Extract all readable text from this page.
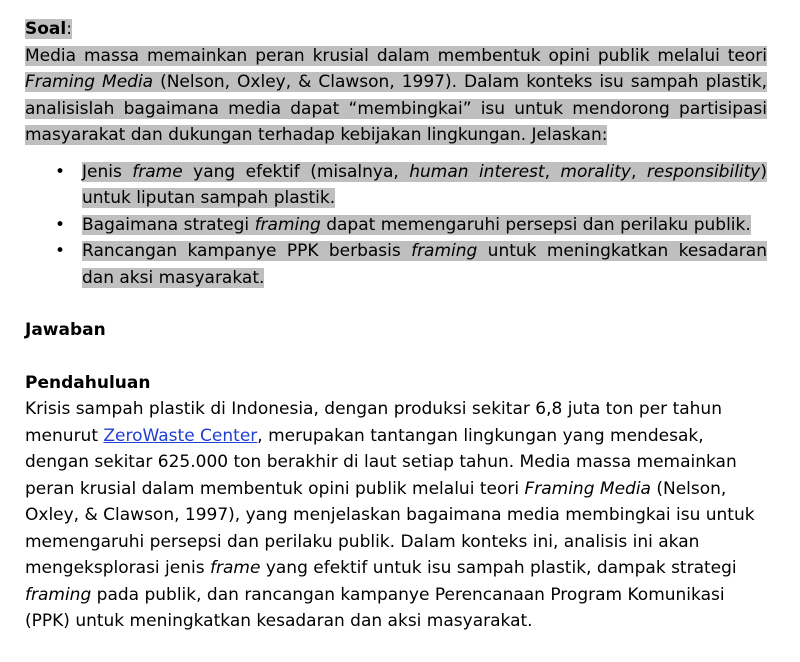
Soal:
Media massa memainkan peran krusial dalam membentuk opini publik melalui teori Framing Media (Nelson, Oxley, & Clawson, 1997). Dalam konteks isu sampah plastik, analisislah bagaimana media dapat “membingkai” isu untuk mendorong partisipasi masyarakat dan dukungan terhadap kebijakan lingkungan. Jelaskan:

• Jenis frame yang efektif (misalnya, human interest, morality, responsibility) untuk liputan sampah plastik.
• Bagaimana strategi framing dapat memengaruhi persepsi dan perilaku publik.
• Rancangan kampanye PPK berbasis framing untuk meningkatkan kesadaran dan aksi masyarakat.

Jawaban

Pendahuluan

Krisis sampah plastik di Indonesia, dengan produksi sekitar 6,8 juta ton per tahun menurut ZeroWaste Center, merupakan tantangan lingkungan yang mendesak, dengan sekitar 625.000 ton berakhir di laut setiap tahun. Media massa memainkan peran krusial dalam membentuk opini publik melalui teori Framing Media (Nelson, Oxley, & Clawson, 1997), yang menjelaskan bagaimana media membingkai isu untuk memengaruhi persepsi dan perilaku publik. Dalam konteks ini, analisis ini akan mengeksplorasi jenis frame yang efektif untuk isu sampah plastik, dampak strategi framing pada publik, dan rancangan kampanye Perencanaan Program Komunikasi (PPK) untuk meningkatkan kesadaran dan aksi masyarakat.
